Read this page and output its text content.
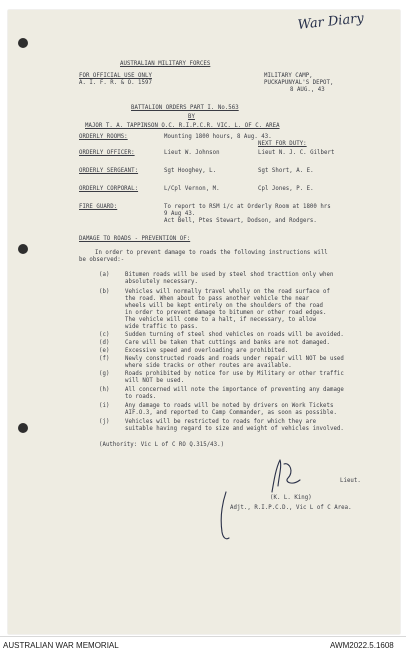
War Diary
AUSTRALIAN MILITARY FORCES
FOR OFFICIAL USE ONLY
A. I. F. R. & O. 1597
MILITARY CAMP,
PUCKAPUNYAL'S DEPOT,
8 AUG., 43
BATTALION ORDERS PART I. No.563
BY
MAJOR T. A. TAPPINSON O.C. R.I.P.C.R. VIC. L. OF C. AREA
NEXT FOR DUTY:
ORDERLY ROOMS:	Mounting 1800 hours, 8 Aug. 43.
ORDERLY OFFICER:	Lieut W. Johnson	Lieut N. J. C. Gilbert
ORDERLY SERGEANT:	Sgt Hooghey, L.	Sgt Short, A. E.
ORDERLY CORPORAL:	L/Cpl Vernon, M.	Cpl Jones, P. E.
FIRE GUARD:	To report to RSM i/c at Orderly Room at 1800 hrs
9 Aug 43.
Act Bell, Ptes Stewart, Dodson, and Rodgers.
DAMAGE TO ROADS - PREVENTION OF:
In order to prevent damage to roads the following instructions will
be observed:-
(a)	Bitumen roads will be used by steel shod tracttion only when
absolutely necessary.
(b)	Vehicles will normally travel wholly on the road surface of
the road. When about to pass another vehicle the near
wheels will be kept entirely on the shoulders of the road
in order to prevent damage to bitumen or other road edges.
The vehicle will come to a halt, if necessary, to allow
wide traffic to pass.
(c)	Sudden turning of steel shod vehicles on roads will be avoided.
(d)	Care will be taken that cuttings and banks are not damaged.
(e)	Excessive speed and overloading are prohibited.
(f)	Newly constructed roads and roads under repair will NOT be used
where side tracks or other routes are available.
(g)	Roads prohibited by notice for use by Military or other traffic
will NOT be used.
(h)	All concerned will note the importance of preventing any damage
to roads.
(i)	Any damage to roads will be noted by drivers on Work Tickets
AIF.O.3, and reported to Camp Commander, as soon as possible.
(j)	Vehicles will be restricted to roads for which they are
suitable having regard to size and weight of vehicles involved.
(Authority: Vic L of C RO Q.315/43.)
Lieut.
(K. L. King)
Adjt., R.I.P.C.D., Vic L of C Area.
AUSTRALIAN WAR MEMORIAL	AWM2022.5.1608
